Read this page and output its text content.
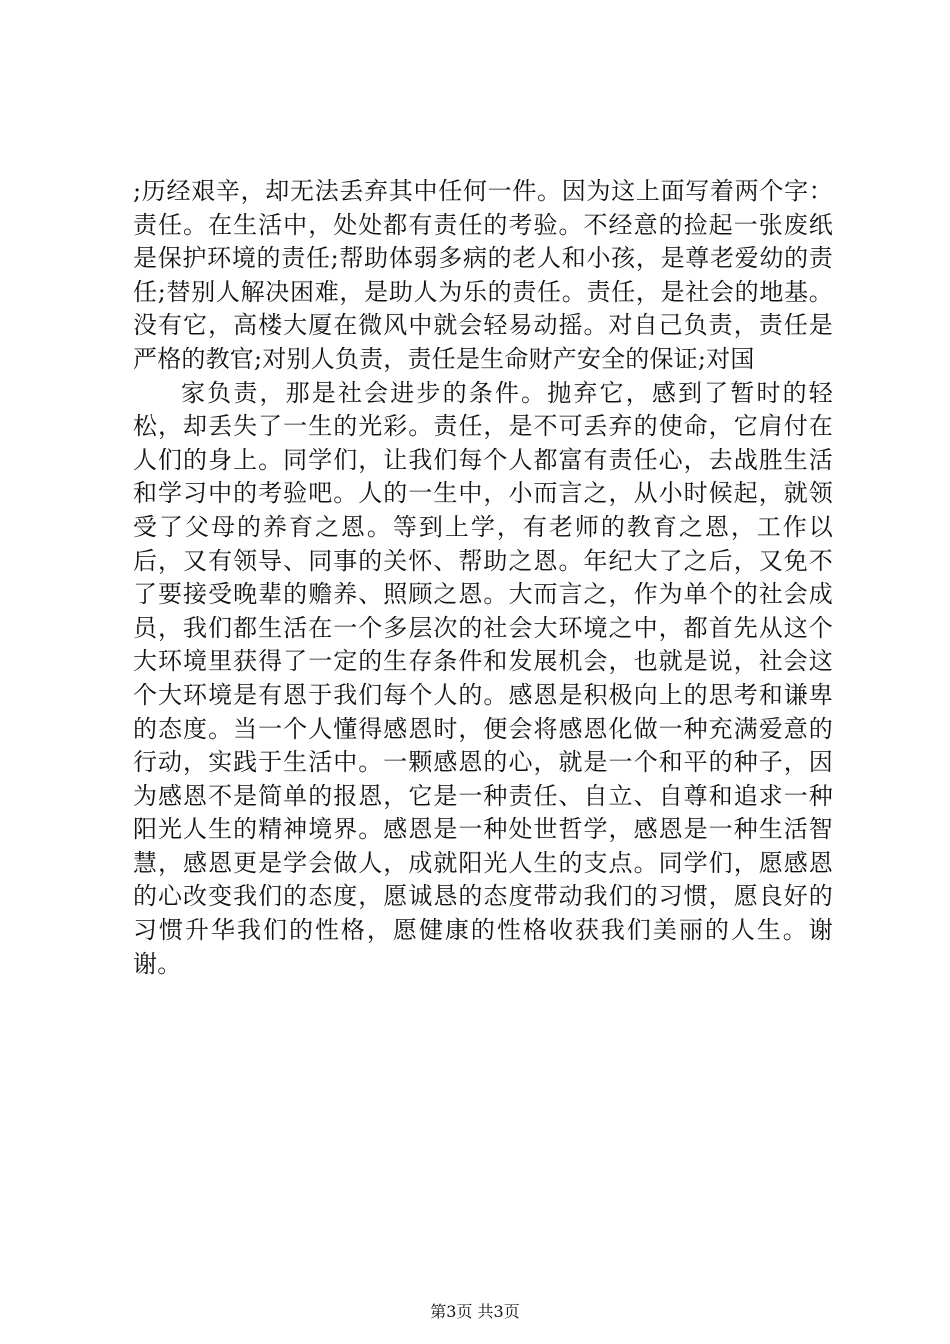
;历经艰辛，却无法丢弃其中任何一件。因为这上面写着两个字：责任。在生活中，处处都有责任的考验。不经意的捡起一张废纸是保护环境的责任;帮助体弱多病的老人和小孩，是尊老爱幼的责任;替别人解决困难，是助人为乐的责任。责任，是社会的地基。没有它，高楼大厦在微风中就会轻易动摇。对自己负责，责任是严格的教官;对别人负责，责任是生命财产安全的保证;对国

家负责，那是社会进步的条件。抛弃它，感到了暂时的轻松，却丢失了一生的光彩。责任，是不可丢弃的使命，它肩付在人们的身上。同学们，让我们每个人都富有责任心，去战胜生活和学习中的考验吧。人的一生中，小而言之，从小时候起，就领受了父母的养育之恩。等到上学，有老师的教育之恩，工作以后，又有领导、同事的关怀、帮助之恩。年纪大了之后，又免不了要接受晚辈的赡养、照顾之恩。大而言之，作为单个的社会成员，我们都生活在一个多层次的社会大环境之中，都首先从这个大环境里获得了一定的生存条件和发展机会，也就是说，社会这个大环境是有恩于我们每个人的。感恩是积极向上的思考和谦卑的态度。当一个人懂得感恩时，便会将感恩化做一种充满爱意的行动，实践于生活中。一颗感恩的心，就是一个和平的种子，因为感恩不是简单的报恩，它是一种责任、自立、自尊和追求一种阳光人生的精神境界。感恩是一种处世哲学，感恩是一种生活智慧，感恩更是学会做人，成就阳光人生的支点。同学们，愿感恩的心改变我们的态度，愿诚恳的态度带动我们的习惯，愿良好的习惯升华我们的性格，愿健康的性格收获我们美丽的人生。谢谢。

第3页 共3页
